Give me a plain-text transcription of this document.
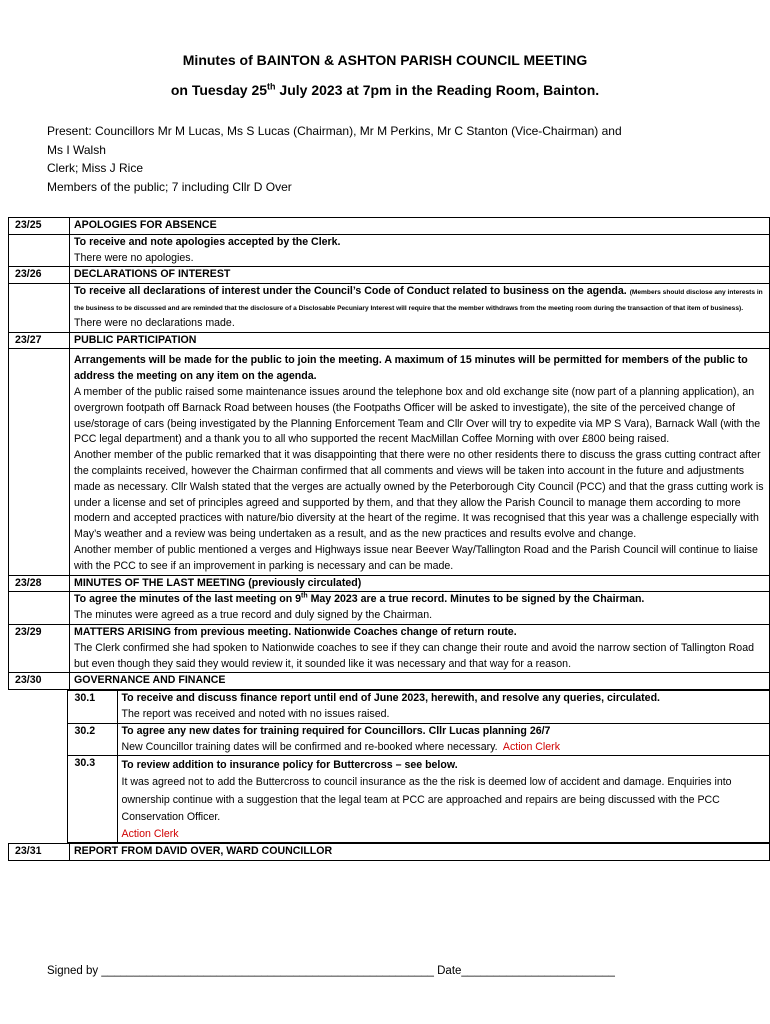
Minutes of BAINTON & ASHTON PARISH COUNCIL MEETING
on Tuesday 25th July 2023 at 7pm in the Reading Room, Bainton.
Present: Councillors Mr M Lucas, Ms S Lucas (Chairman), Mr M Perkins, Mr C Stanton (Vice-Chairman) and
Ms I Walsh
Clerk; Miss J Rice
Members of the public; 7 including Cllr D Over
23/25	APOLOGIES FOR ABSENCE

To receive and note apologies accepted by the Clerk.
There were no apologies.

23/26	DECLARATIONS OF INTEREST
	To receive all declarations of interest under the Council’s Code of Conduct related to business on the agenda. (Members should disclose any interests in the business to be discussed and are reminded that the disclosure of a Disclosable Pecuniary Interest will require that the member withdraws from the meeting room during the transaction of that item of business).
There were no declarations made.

23/27	PUBLIC PARTICIPATION

Arrangements will be made for the public to join the meeting. A maximum of 15 minutes will be permitted for members of the public to address the meeting on any item on the agenda.
A member of the public raised some maintenance issues around the telephone box and old exchange site (now part of a planning application), an overgrown footpath off Barnack Road between houses (the Footpaths Officer will be asked to investigate), the site of the perceived change of use/storage of cars (being investigated by the Planning Enforcement Team and Cllr Over will try to expedite via MP S Vara), Barnack Wall (with the PCC legal department) and a thank you to all who supported the recent MacMillan Coffee Morning with over £800 being raised.
Another member of the public remarked that it was disappointing that there were no other residents there to discuss the grass cutting contract after the complaints received, however the Chairman confirmed that all comments and views will be taken into account in the future and adjustments made as necessary. Cllr Walsh stated that the verges are actually owned by the Peterborough City Council (PCC) and that the grass cutting work is under a license and set of principles agreed and supported by them, and that they allow the Parish Council to manage them according to more modern and accepted practices with nature/bio diversity at the heart of the regime. It was recognised that this year was a challenge especially with May’s weather and a review was being undertaken as a result, and as the new practices and results evolve and change.
Another member of public mentioned a verges and Highways issue near Beever Way/Tallington Road and the Parish Council will continue to liaise with the PCC to see if an improvement in parking is necessary and can be made.

23/28	MINUTES OF THE LAST MEETING (previously circulated)

To agree the minutes of the last meeting on 9th May 2023 are a true record. Minutes to be signed by the Chairman.
The minutes were agreed as a true record and duly signed by the Chairman.

23/29	MATTERS ARISING from previous meeting. Nationwide Coaches change of return route.
The Clerk confirmed she had spoken to Nationwide coaches to see if they can change their route and avoid the narrow section of Tallington Road but even though they said they would review it, it sounded like it was necessary and that way for a reason.

23/30	GOVERNANCE AND FINANCE

	30.1	To receive and discuss finance report until end of June 2023, herewith, and resolve any queries, circulated.
The report was received and noted with no issues raised.

	30.2	To agree any new dates for training required for Councillors. Cllr Lucas planning 26/7
New Councillor training dates will be confirmed and re-booked where necessary. Action Clerk

	30.3	To review addition to insurance policy for Buttercross – see below.
It was agreed not to add the Buttercross to council insurance as the the risk is deemed low of accident and damage. Enquiries into ownership continue with a suggestion that the legal team at PCC are approached and repairs are being discussed with the PCC Conservation Officer.
Action Clerk

23/31	REPORT FROM DAVID OVER, WARD COUNCILLOR
Signed by ____________________________________________________ Date________________________
